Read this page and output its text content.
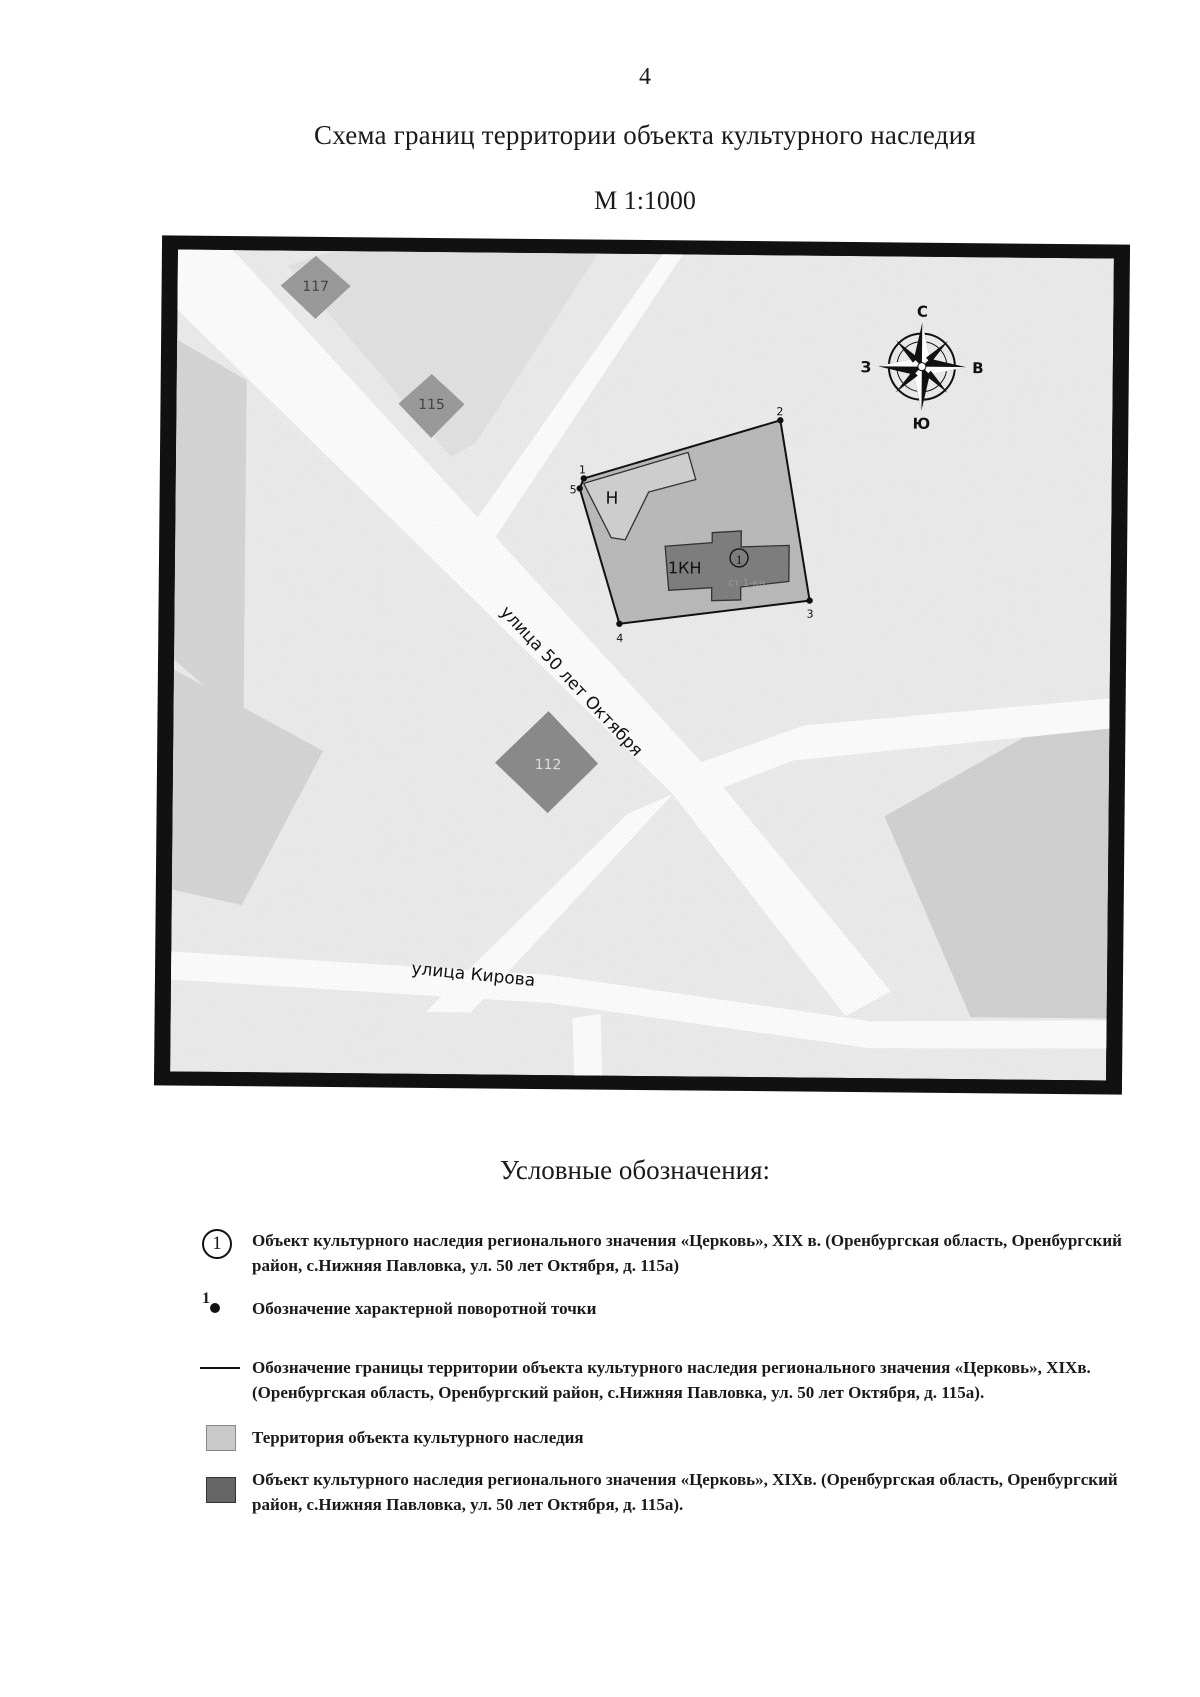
4
Схема границ территории объекта культурного наследия
М 1:1000
Условные обозначения:
1	Объект культурного наследия регионального значения «Церковь», XIX в. (Оренбургская область, Оренбургский район, с.Нижняя Павловка, ул. 50 лет Октября, д. 115а)
1
Обозначение характерной поворотной точки
Обозначение границы территории объекта культурного наследия регионального значения «Церковь», XIXв. (Оренбургская область, Оренбургский район, с.Нижняя Павловка, ул. 50 лет Октября, д. 115а).
Территория объекта культурного наследия
Объект культурного наследия регионального значения «Церковь», XIXв. (Оренбургская область, Оренбургский район, с.Нижняя Павловка, ул. 50 лет Октября, д. 115а).
